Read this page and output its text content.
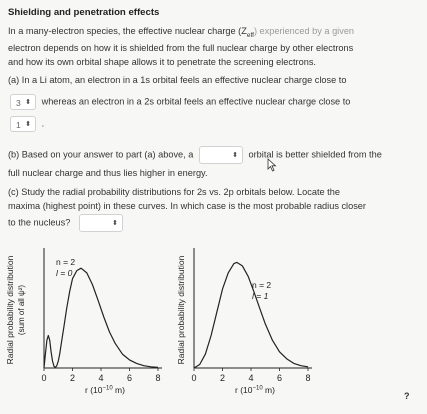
Shielding and penetration effects
In a many-electron species, the effective nuclear charge $(Z_{eff})$ experienced by a given
electron depends on how it is shielded from the full nuclear charge by other electrons
and how its own orbital shape allows it to penetrate the screening electrons.
(a) In a Li atom, an electron in a 1s orbital feels an effective nuclear charge close to
3 ⬍ whereas an electron in a 2s orbital feels an effective nuclear charge close to
1 ⬍ .
(b) Based on your answer to part (a) above, a	⬍ orbital is better shielded from the
full nuclear charge and thus lies higher in energy.
(c) Study the radial probability distributions for 2s vs. 2p orbitals below. Locate the
maxima (highest point) in these curves. In which case is the most probable radius closer
to the nucleus?	⬍
0	2	4	6	8
r ($10^{-10}$ m)
Radial probability distribution (sum of all ψ²)
n = 2
l = 0
0	2	4	6	8
r ($10^{-10}$ m)
Radial probability distribution	n = 2
l = 1
?
